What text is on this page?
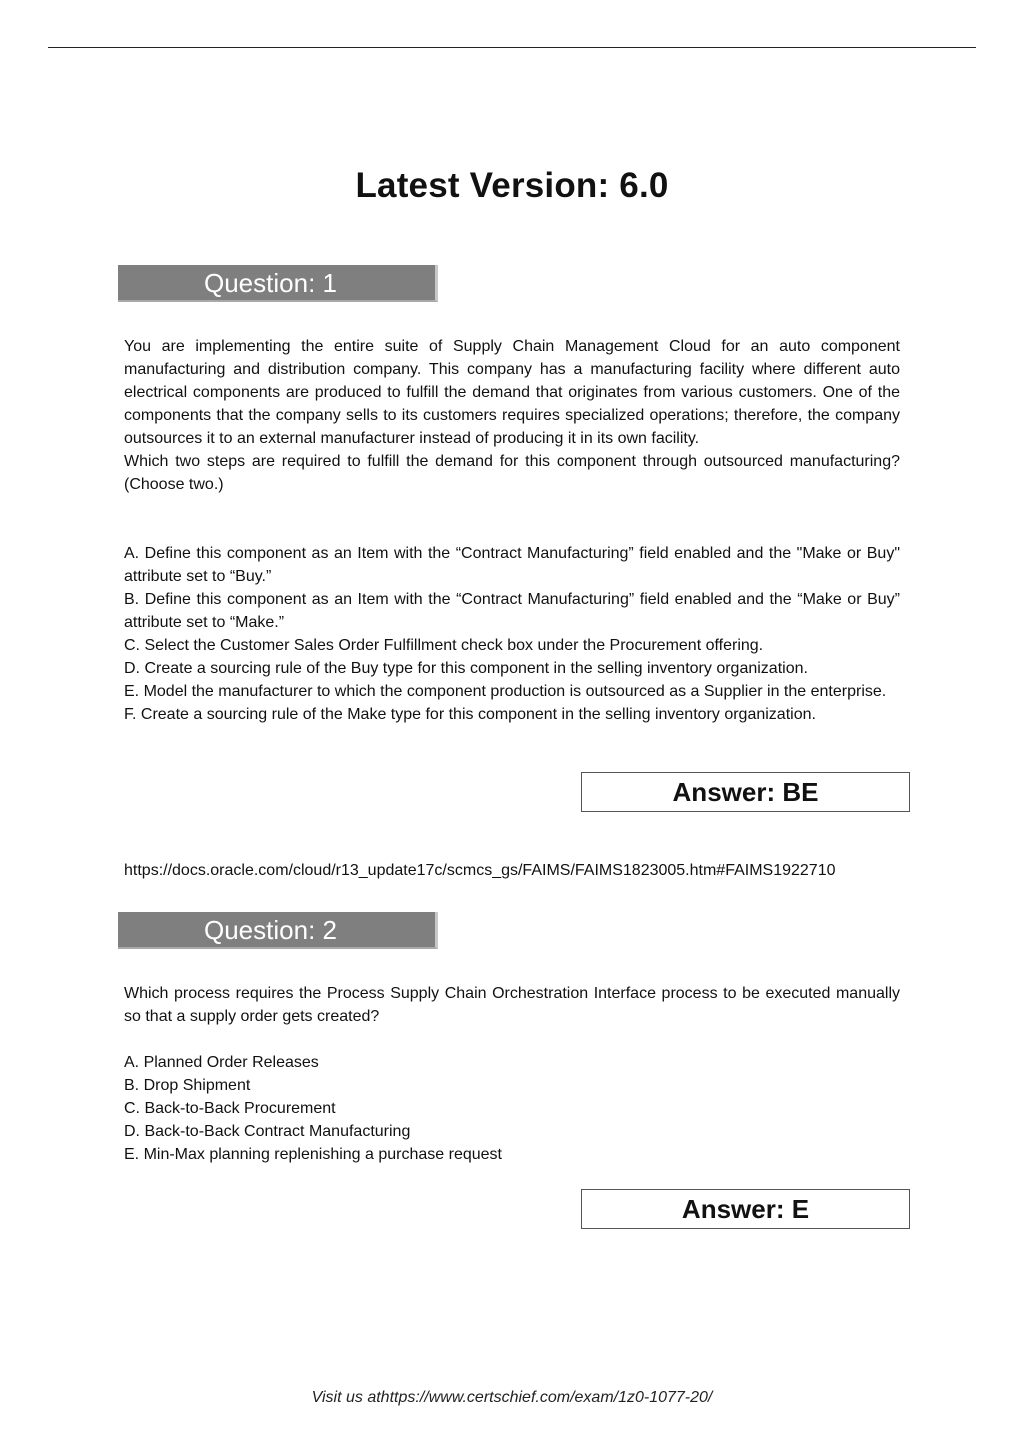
Latest Version: 6.0
Question: 1

You are implementing the entire suite of Supply Chain Management Cloud for an auto component manufacturing and distribution company. This company has a manufacturing facility where different auto electrical components are produced to fulfill the demand that originates from various customers. One of the components that the company sells to its customers requires specialized operations; therefore, the company outsources it to an external manufacturer instead of producing it in its own facility.

Which two steps are required to fulfill the demand for this component through outsourced manufacturing? (Choose two.)

A. Define this component as an Item with the “Contract Manufacturing” field enabled and the "Make or Buy" attribute set to “Buy.”
B. Define this component as an Item with the “Contract Manufacturing” field enabled and the “Make or Buy” attribute set to “Make.”
C. Select the Customer Sales Order Fulfillment check box under the Procurement offering.
D. Create a sourcing rule of the Buy type for this component in the selling inventory organization.
E. Model the manufacturer to which the component production is outsourced as a Supplier in the enterprise.
F. Create a sourcing rule of the Make type for this component in the selling inventory organization.
Answer: BE
https://docs.oracle.com/cloud/r13_update17c/scmcs_gs/FAIMS/FAIMS1823005.htm#FAIMS1922710
Question: 2

Which process requires the Process Supply Chain Orchestration Interface process to be executed manually so that a supply order gets created?

A. Planned Order Releases
B. Drop Shipment
C. Back-to-Back Procurement
D. Back-to-Back Contract Manufacturing
E. Min-Max planning replenishing a purchase request
Answer: E
Visit us athttps://www.certschief.com/exam/1z0-1077-20/
